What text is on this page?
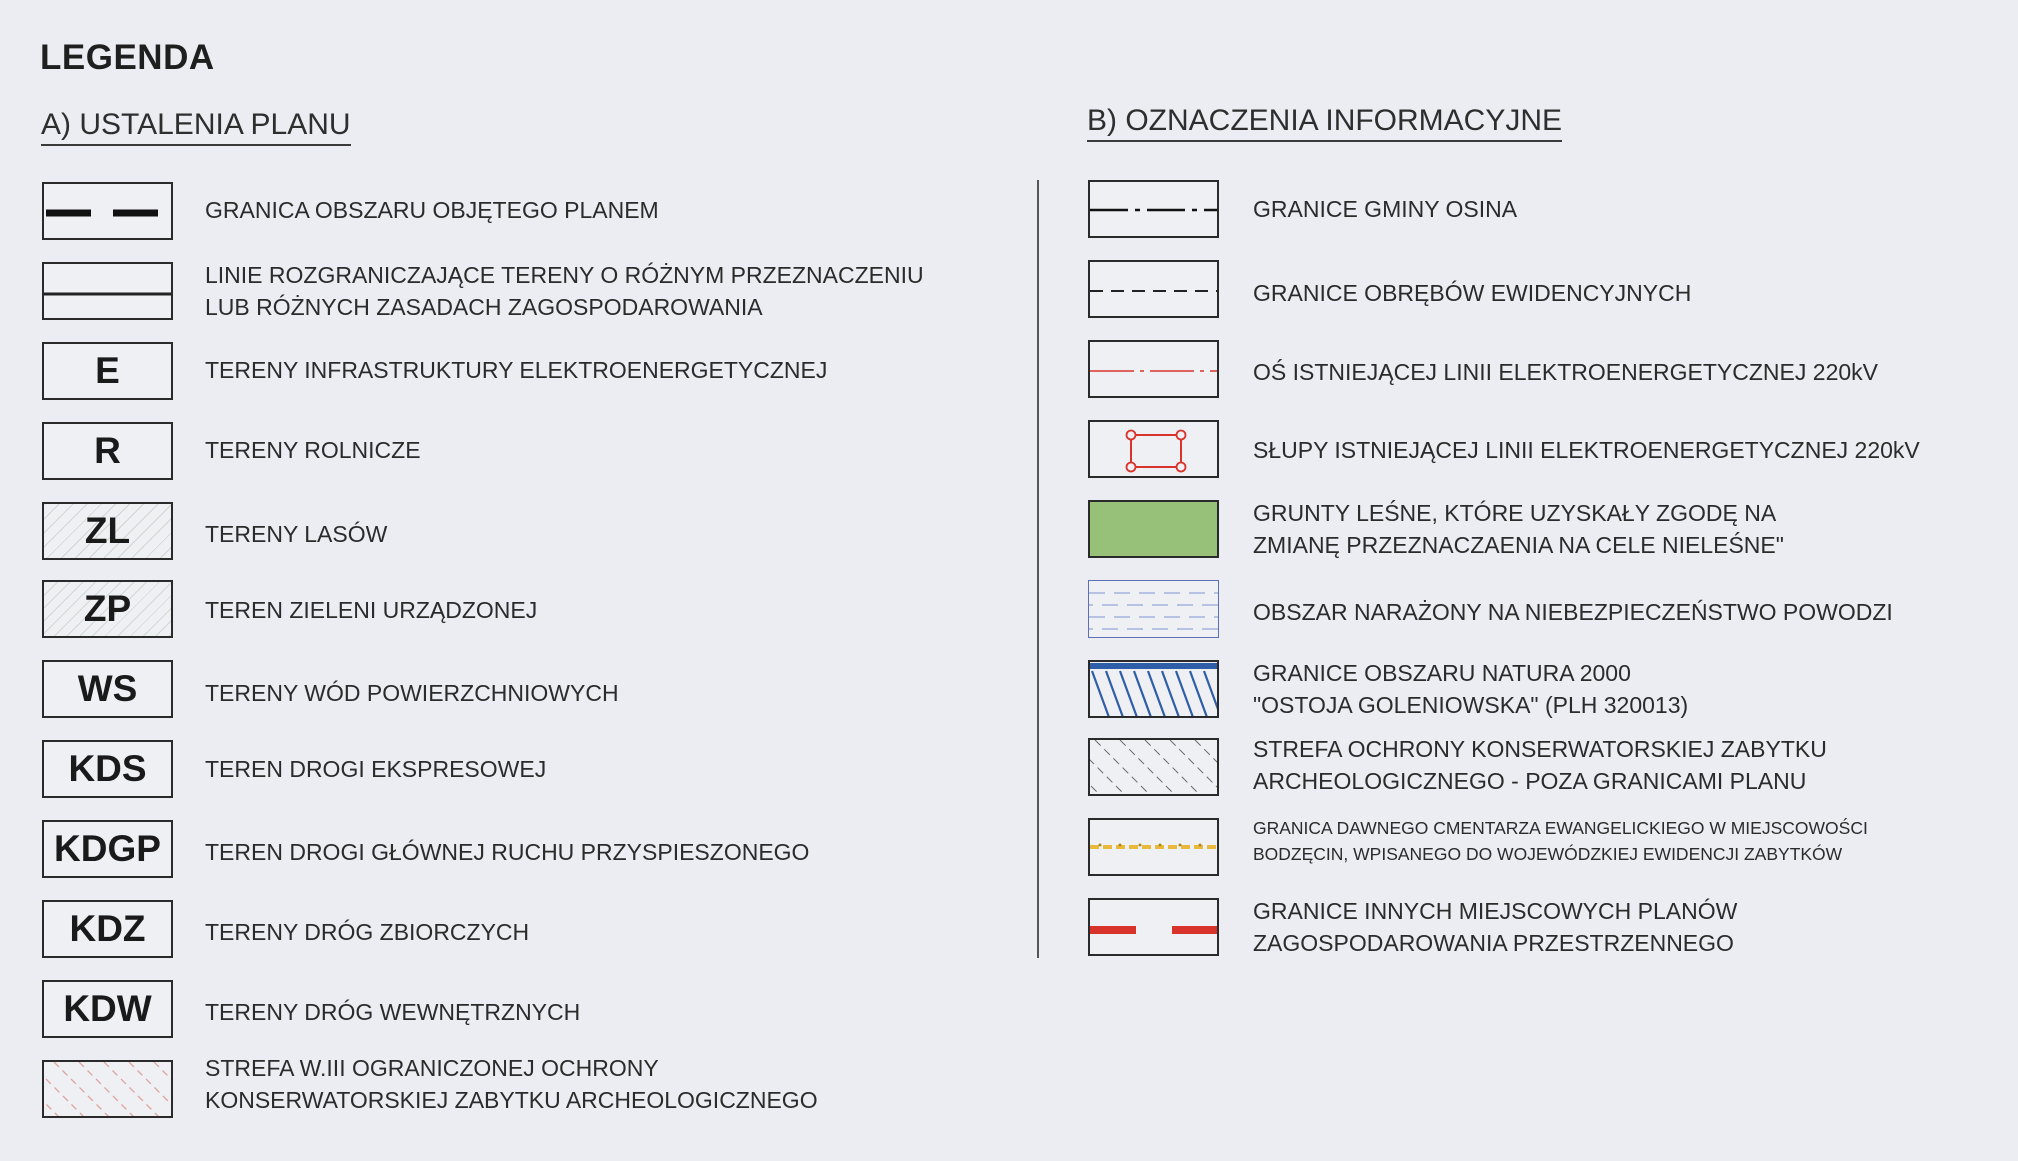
LEGENDA
A) USTALENIA PLANU	B) OZNACZENIA INFORMACYJNE
GRANICA OBSZARU OBJĘTEGO PLANEM
LINIE ROZGRANICZAJĄCE TERENY O RÓŻNYM PRZEZNACZENIU
LUB RÓŻNYCH ZASADACH ZAGOSPODAROWANIA
E	TERENY INFRASTRUKTURY ELEKTROENERGETYCZNEJ
R	TERENY ROLNICZE
ZL	TERENY LASÓW
ZP	TEREN ZIELENI URZĄDZONEJ
WS	TERENY WÓD POWIERZCHNIOWYCH
KDS	TEREN DROGI EKSPRESOWEJ
KDGP TEREN DROGI GŁÓWNEJ RUCHU PRZYSPIESZONEGO
KDZ	TERENY DRÓG ZBIORCZYCH
KDW TERENY DRÓG WEWNĘTRZNYCH
STREFA W.III OGRANICZONEJ OCHRONY
KONSERWATORSKIEJ ZABYTKU ARCHEOLOGICZNEGO
GRANICE GMINY OSINA
GRANICE OBRĘBÓW EWIDENCYJNYCH
OŚ ISTNIEJĄCEJ LINII ELEKTROENERGETYCZNEJ 220kV
SŁUPY ISTNIEJĄCEJ LINII ELEKTROENERGETYCZNEJ 220kV
GRUNTY LEŚNE, KTÓRE UZYSKAŁY ZGODĘ NA
ZMIANĘ PRZEZNACZAENIA NA CELE NIELEŚNE"
OBSZAR NARAŻONY NA NIEBEZPIECZEŃSTWO POWODZI
GRANICE OBSZARU NATURA 2000
"OSTOJA GOLENIOWSKA" (PLH 320013)
STREFA OCHRONY KONSERWATORSKIEJ ZABYTKU
ARCHEOLOGICZNEGO - POZA GRANICAMI PLANU
GRANICA DAWNEGO CMENTARZA EWANGELICKIEGO W MIEJSCOWOŚCI
BODZĘCIN, WPISANEGO DO WOJEWÓDZKIEJ EWIDENCJI ZABYTKÓW
GRANICE INNYCH MIEJSCOWYCH PLANÓW
ZAGOSPODAROWANIA PRZESTRZENNEGO
